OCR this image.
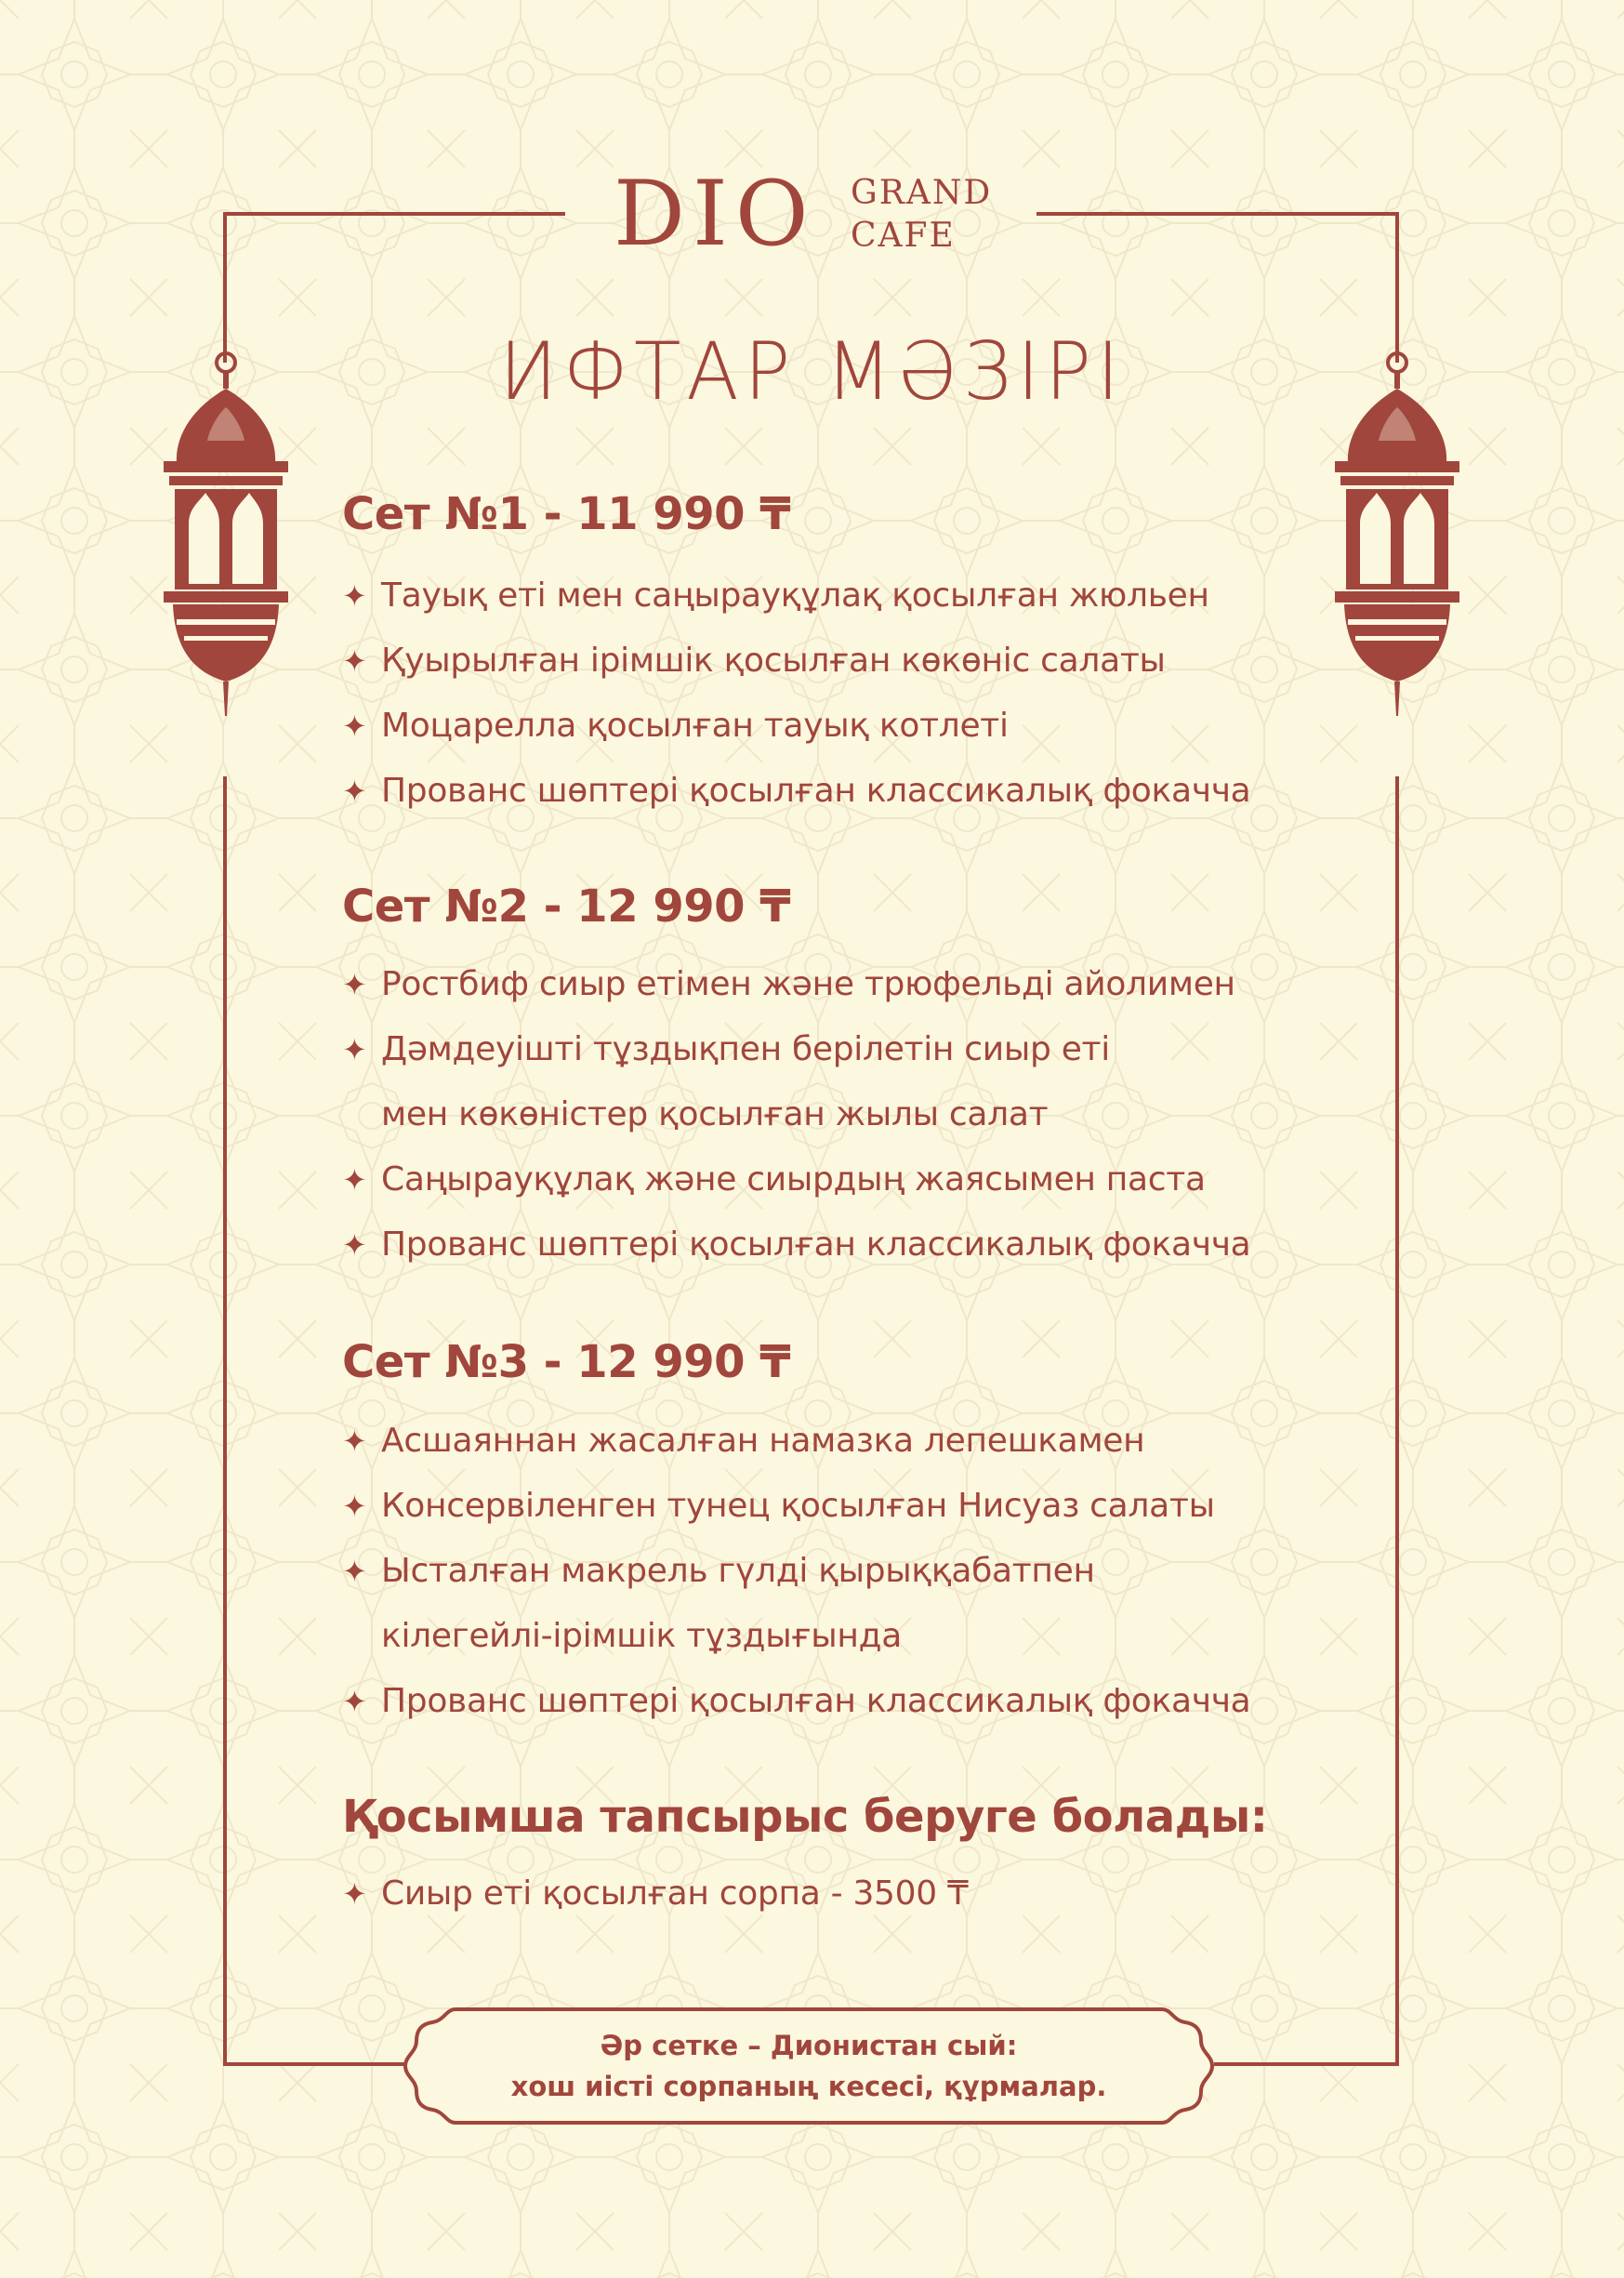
DIO GRAND
CAFE
ИФТАР МӘЗІРІ
Сет №1 - 11 990 ₸
✦ Тауық еті мен саңырауқұлақ қосылған жюльен
✦ Қуырылған ірімшік қосылған көкөніс салаты
✦ Моцарелла қосылған тауық котлеті
✦ Прованс шөптері қосылған классикалық фокачча
Сет №2 - 12 990 ₸
✦ Ростбиф сиыр етімен және трюфельді айолимен
✦ Дәмдеуішті тұздықпен берілетін сиыр еті
мен көкөністер қосылған жылы салат
✦ Саңырауқұлақ және сиырдың жаясымен паста
✦ Прованс шөптері қосылған классикалық фокачча
Сет №3 - 12 990 ₸
✦ Асшаяннан жасалған намазка лепешкамен
✦ Консервіленген тунец қосылған Нисуаз салаты
✦ Ысталған макрель гүлді қырыққабатпен
кілегейлі-ірімшік тұздығында
✦ Прованс шөптері қосылған классикалық фокачча
Қосымша тапсырыс беруге болады:
✦ Сиыр еті қосылған сорпа - 3500 ₸
Әр сетке – Дионистан сый:
хош иісті сорпаның кесесі, құрмалар.
